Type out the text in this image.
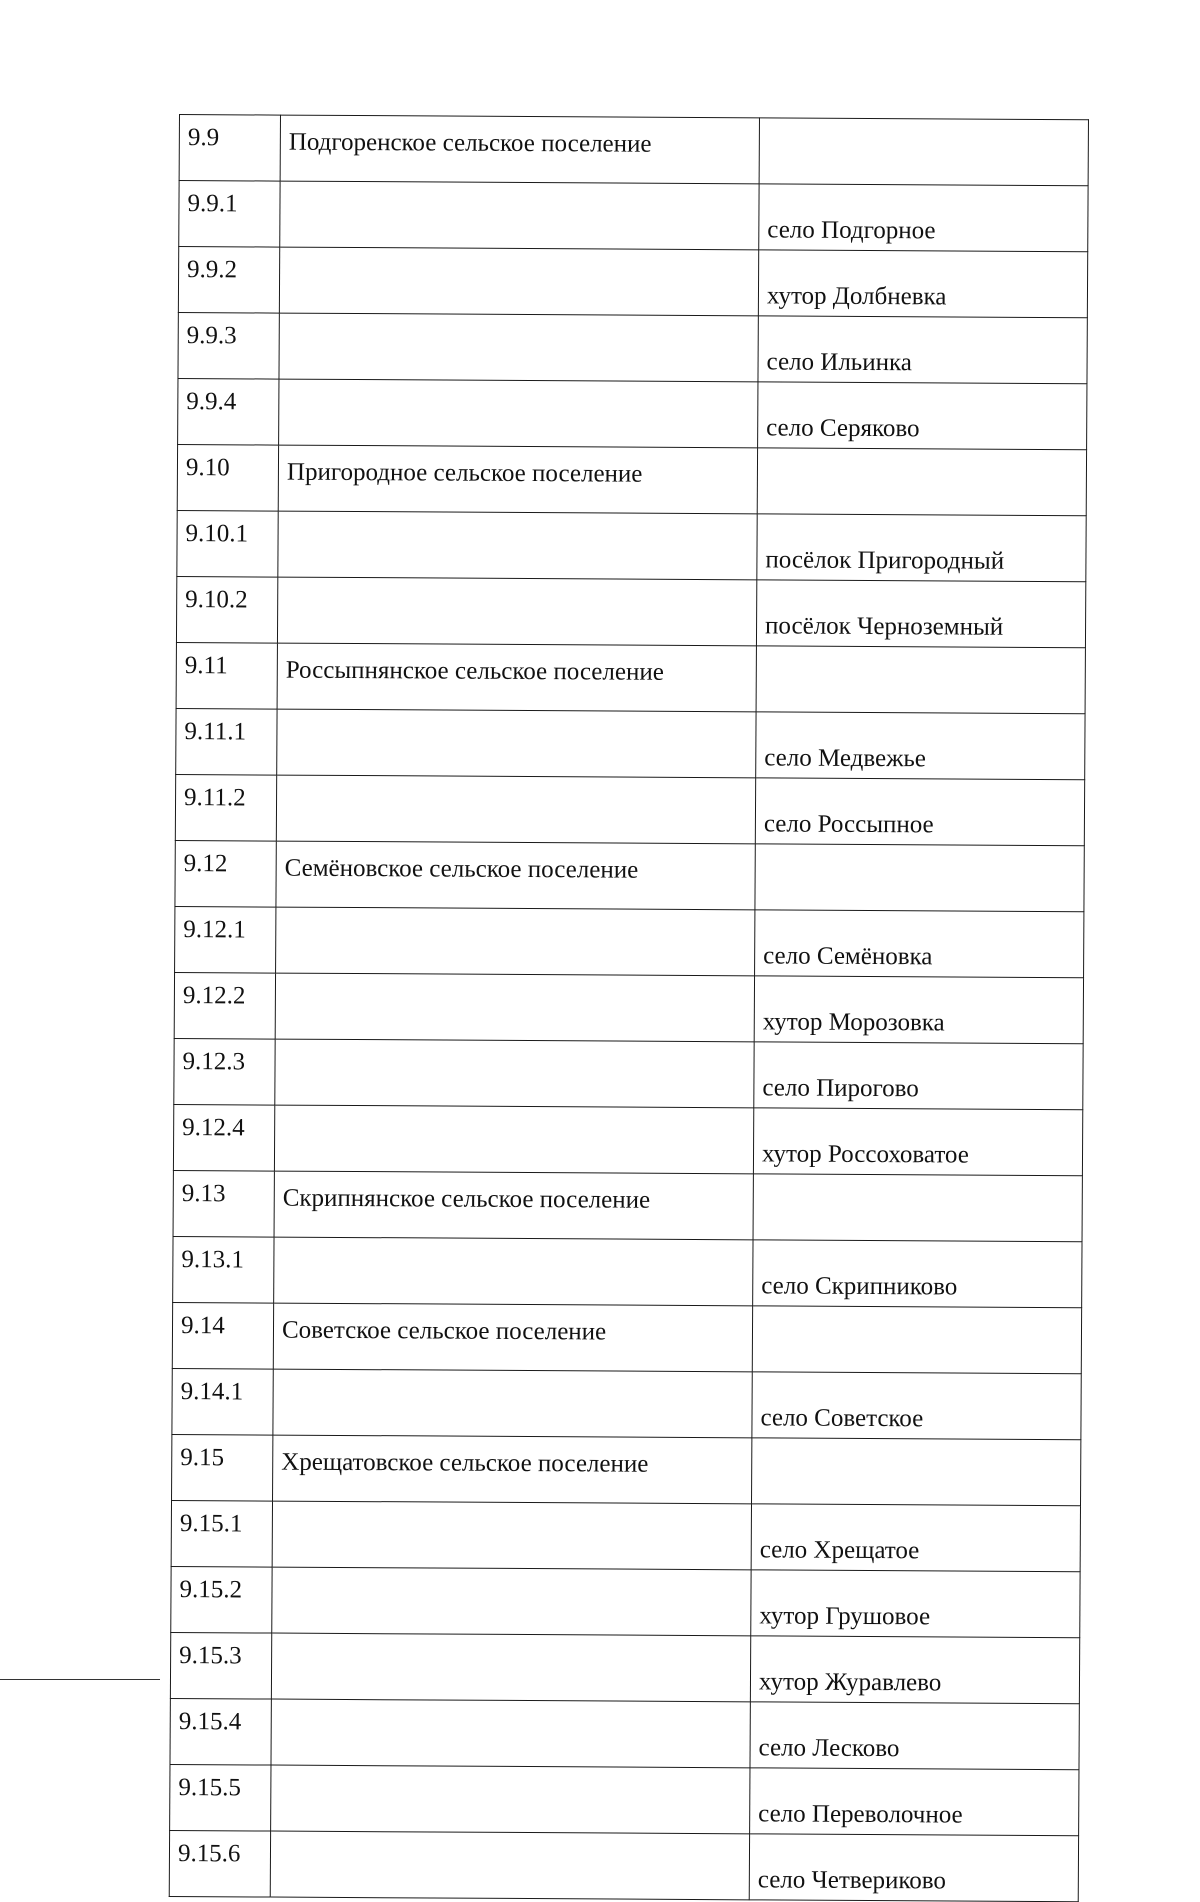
9.9	Подгоренское сельское поселение	
9.9.1		село Подгорное
9.9.2		хутор Долбневка
9.9.3		село Ильинка
9.9.4		село Серяково
9.10	Пригородное сельское поселение	
9.10.1		посёлок Пригородный
9.10.2		посёлок Черноземный
9.11	Россыпнянское сельское поселение	
9.11.1		село Медвежье
9.11.2		село Россыпное
9.12	Семёновское сельское поселение	
9.12.1		село Семёновка
9.12.2		хутор Морозовка
9.12.3		село Пирогово
9.12.4		хутор Россоховатое
9.13	Скрипнянское сельское поселение	
9.13.1		село Скрипниково
9.14	Советское сельское поселение	
9.14.1		село Советское
9.15	Хрещатовское сельское поселение	
9.15.1		село Хрещатое
9.15.2		хутор Грушовое
9.15.3		хутор Журавлево
9.15.4		село Лесково
9.15.5		село Переволочное
9.15.6		село Четвериково
